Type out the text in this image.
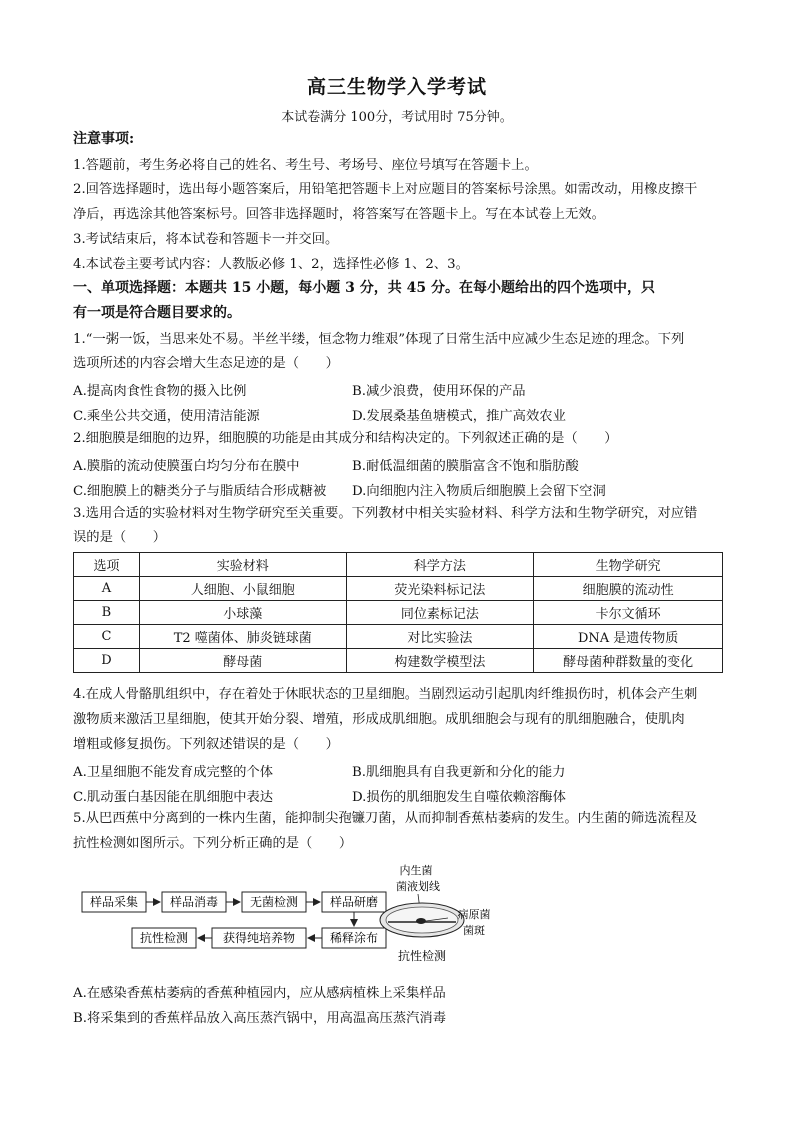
高三生物学入学考试
本试卷满分 100分，考试用时 75分钟。
注意事项:
1.答题前，考生务必将自己的姓名、考生号、考场号、座位号填写在答题卡上。
2.回答选择题时，选出每小题答案后，用铅笔把答题卡上对应题目的答案标号涂黑。如需改动，用橡皮擦干
净后，再选涂其他答案标号。回答非选择题时，将答案写在答题卡上。写在本试卷上无效。
3.考试结束后，将本试卷和答题卡一并交回。
4.本试卷主要考试内容：人教版必修 1、2，选择性必修 1、2、3。
一、单项选择题：本题共 15 小题，每小题 3 分，共 45 分。在每小题给出的四个选项中，只
有一项是符合题目要求的。
1.“一粥一饭，当思来处不易。半丝半缕，恒念物力维艰”体现了日常生活中应减少生态足迹的理念。下列
选项所述的内容会增大生态足迹的是（　　）
A.提高肉食性食物的摄入比例	B.减少浪费，使用环保的产品
C.乘坐公共交通，使用清洁能源	D.发展桑基鱼塘模式，推广高效农业
2.细胞膜是细胞的边界，细胞膜的功能是由其成分和结构决定的。下列叙述正确的是（　　）
A.膜脂的流动使膜蛋白均匀分布在膜中	B.耐低温细菌的膜脂富含不饱和脂肪酸
C.细胞膜上的糖类分子与脂质结合形成糖被 D.向细胞内注入物质后细胞膜上会留下空洞
3.选用合适的实验材料对生物学研究至关重要。下列教材中相关实验材料、科学方法和生物学研究，对应错
误的是（　　）
选项	实验材料	科学方法	生物学研究
A	人细胞、小鼠细胞	荧光染料标记法	细胞膜的流动性
B	小球藻	同位素标记法	卡尔文循环
C	T2 噬菌体、肺炎链球菌	对比实验法	DNA 是遗传物质
D	酵母菌	构建数学模型法	酵母菌种群数量的变化
4.在成人骨骼肌组织中，存在着处于休眠状态的卫星细胞。当剧烈运动引起肌肉纤维损伤时，机体会产生刺
激物质来激活卫星细胞，使其开始分裂、增殖，形成成肌细胞。成肌细胞会与现有的肌细胞融合，使肌肉
增粗或修复损伤。下列叙述错误的是（　　）
A.卫星细胞不能发育成完整的个体	B.肌细胞具有自我更新和分化的能力
C.肌动蛋白基因能在肌细胞中表达	D.损伤的肌细胞发生自噬依赖溶酶体
5.从巴西蕉中分离到的一株内生菌，能抑制尖孢镰刀菌，从而抑制香蕉枯萎病的发生。内生菌的筛选流程及
抗性检测如图所示。下列分析正确的是（　　）
样品采集	样品消毒	无菌检测	样品研磨
稀释涂布
获得纯培养物
抗性检测
内生菌
菌液划线
病原菌
菌斑
抗性检测
A.在感染香蕉枯萎病的香蕉种植园内，应从感病植株上采集样品
B.将采集到的香蕉样品放入高压蒸汽锅中，用高温高压蒸汽消毒
